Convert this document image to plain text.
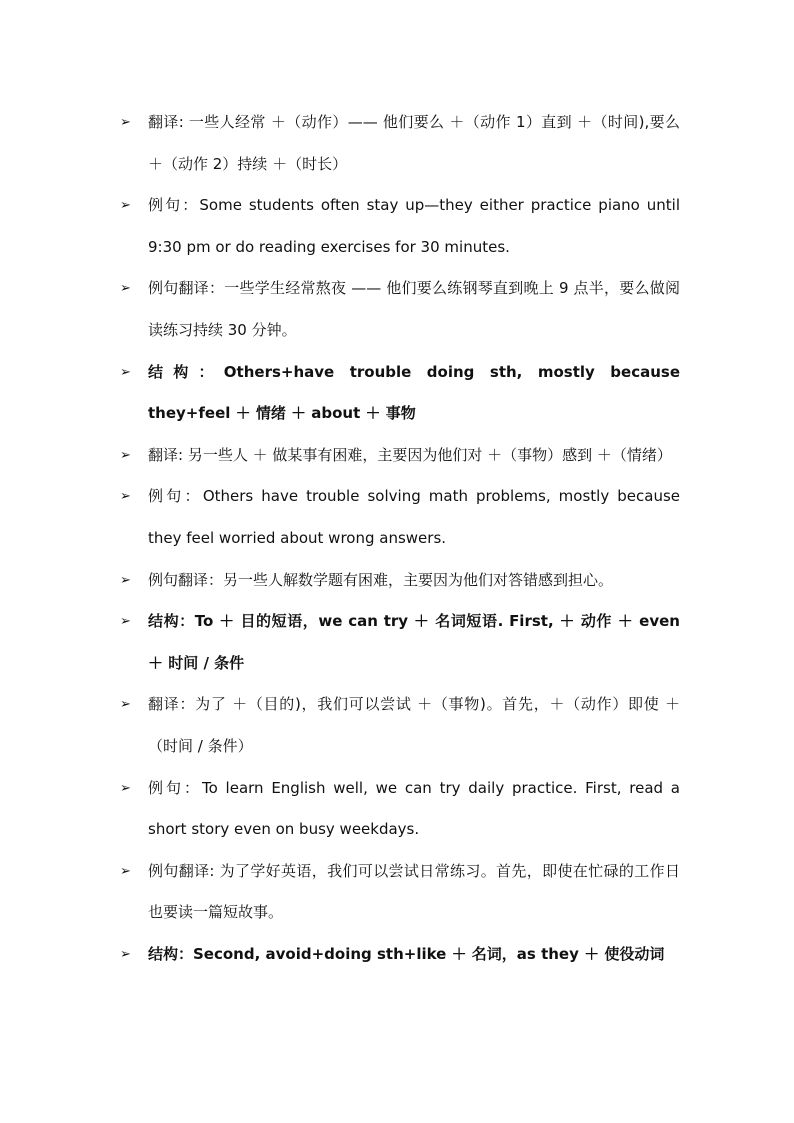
➢ 翻译: 一些人经常 ＋（动作）—— 他们要么 ＋（动作 1）直到 ＋（时间),要么 ＋（动作 2）持续 ＋（时长）
➢ 例句：Some students often stay up—they either practice piano until 9:30 pm or do reading exercises for 30 minutes.
➢ 例句翻译：一些学生经常熬夜 —— 他们要么练钢琴直到晚上 9 点半，要么做阅读练习持续 30 分钟。
➢ 结构：Others+have trouble doing sth, mostly because they+feel ＋ 情绪 ＋ about ＋ 事物
➢ 翻译: 另一些人 ＋ 做某事有困难，主要因为他们对 ＋（事物）感到 ＋（情绪）
➢ 例句：Others have trouble solving math problems, mostly because they feel worried about wrong answers.
➢ 例句翻译：另一些人解数学题有困难，主要因为他们对答错感到担心。
➢ 结构：To ＋ 目的短语，we can try ＋ 名词短语. First, ＋ 动作 ＋ even ＋ 时间 / 条件
➢ 翻译：为了 ＋（目的)，我们可以尝试 ＋（事物)。首先，＋（动作）即使 ＋（时间 / 条件）
➢ 例句：To learn English well, we can try daily practice. First, read a short story even on busy weekdays.
➢ 例句翻译: 为了学好英语，我们可以尝试日常练习。首先，即使在忙碌的工作日也要读一篇短故事。
➢ 结构：Second, avoid+doing sth+like ＋ 名词，as they ＋ 使役动词
